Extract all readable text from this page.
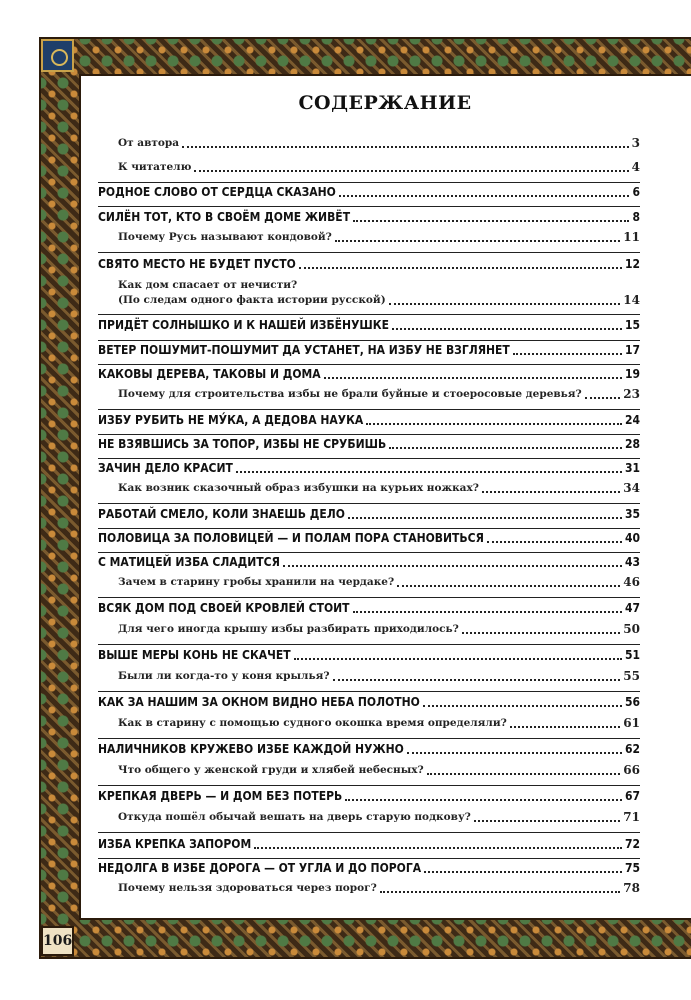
106
СОДЕРЖАНИЕ
От автора	3
К читателю	4
РОДНОЕ СЛОВО ОТ СЕРДЦА СКАЗАНО	6
СИЛЁН ТОТ, КТО В СВОЁМ ДОМЕ ЖИВЁТ	8
Почему Русь называют кондовой?	11
СВЯТО МЕСТО НЕ БУДЕТ ПУСТО	12
Как дом спасает от нечисти?
(По следам одного факта истории русской)	14
ПРИДЁТ СОЛНЫШКО И К НАШЕЙ ИЗБЁНУШКЕ	15
ВЕТЕР ПОШУМИТ-ПОШУМИТ ДА УСТАНЕТ, НА ИЗБУ НЕ ВЗГЛЯНЕТ	17
КАКОВЫ ДЕРЕВА, ТАКОВЫ И ДОМА	19
Почему для строительства избы не брали буйные и стоеросовые деревья?	23
ИЗБУ РУБИТЬ НЕ МУ́КА, А ДЕДОВА НАУКА	24
НЕ ВЗЯВШИСЬ ЗА ТОПОР, ИЗБЫ НЕ СРУБИШЬ	28
ЗАЧИН ДЕЛО КРАСИТ	31
Как возник сказочный образ избушки на курьих ножках?	34
РАБОТАЙ СМЕЛО, КОЛИ ЗНАЕШЬ ДЕЛО	35
ПОЛОВИЦА ЗА ПОЛОВИЦЕЙ — И ПОЛАМ ПОРА СТАНОВИТЬСЯ	40
С МАТИЦЕЙ ИЗБА СЛАДИТСЯ	43
Зачем в старину гробы хранили на чердаке?	46
ВСЯК ДОМ ПОД СВОЕЙ КРОВЛЕЙ СТОИТ	47
Для чего иногда крышу избы разбирать приходилось?	50
ВЫШЕ МЕРЫ КОНЬ НЕ СКАЧЕТ	51
Были ли когда-то у коня крылья?	55
КАК ЗА НАШИМ ЗА ОКНОМ ВИДНО НЕБА ПОЛОТНО	56
Как в старину с помощью судного окошка время определяли?	61
НАЛИЧНИКОВ КРУЖЕВО ИЗБЕ КАЖДОЙ НУЖНО	62
Что общего у женской груди и хлябей небесных?	66
КРЕПКАЯ ДВЕРЬ — И ДОМ БЕЗ ПОТЕРЬ	67
Откуда пошёл обычай вешать на дверь старую подкову?	71
ИЗБА КРЕПКА ЗАПОРОМ	72
НЕДОЛГА В ИЗБЕ ДОРОГА — ОТ УГЛА И ДО ПОРОГА	75
Почему нельзя здороваться через порог?	78
